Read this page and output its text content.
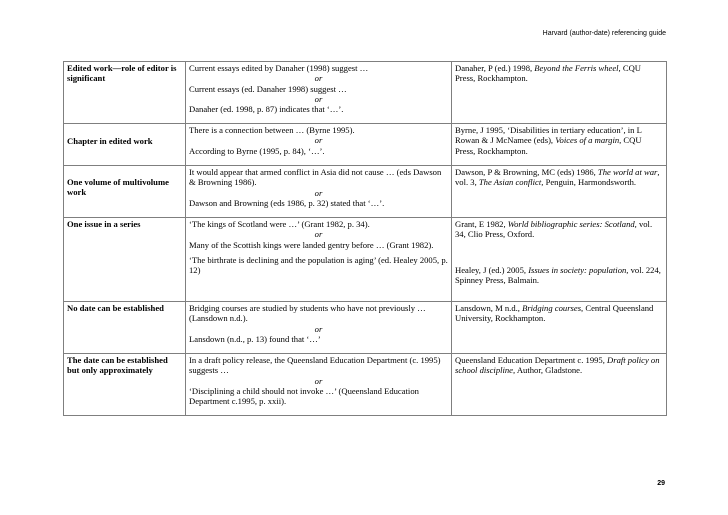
Harvard (author-date) referencing guide
Edited work—role of editor is significant	Current essays edited by Danaher (1998) suggest …
or
Current essays (ed. Danaher 1998) suggest …
or
Danaher (ed. 1998, p. 87) indicates that ‘…’.	Danaher, P (ed.) 1998, Beyond the Ferris wheel, CQU Press, Rockhampton.

Chapter in edited work	There is a connection between … (Byrne 1995).
or
According to Byrne (1995, p. 84), ‘…’.	Byrne, J 1995, ‘Disabilities in tertiary education’, in L Rowan & J McNamee (eds), Voices of a margin, CQU Press, Rockhampton.

One volume of multivolume work	It would appear that armed conflict in Asia did not cause … (eds Dawson & Browning 1986).
or
Dawson and Browning (eds 1986, p. 32) stated that ‘…’.	Dawson, P & Browning, MC (eds) 1986, The world at war, vol. 3, The Asian conflict, Penguin, Harmondsworth.
One issue in a series	‘The kings of Scotland were …’ (Grant 1982, p. 34).
or
Many of the Scottish kings were landed gentry before … (Grant 1982).
‘The birthrate is declining and the population is aging’ (ed. Healey 2005, p. 12)	Grant, E 1982, World bibliographic series: Scotland, vol. 34, Clio Press, Oxford.
Healey, J (ed.) 2005, Issues in society: population, vol. 224, Spinney Press, Balmain.

No date can be established	Bridging courses are studied by students who have not previously … (Lansdown n.d.).
or
Lansdown (n.d., p. 13) found that ‘…’	Lansdown, M n.d., Bridging courses, Central Queensland University, Rockhampton.
The date can be established but only approximately	In a draft policy release, the Queensland Education Department (c. 1995) suggests …
or
‘Disciplining a child should not invoke …’ (Queensland Education Department c.1995, p. xxii).	Queensland Education Department c. 1995, Draft policy on school discipline, Author, Gladstone.
29
